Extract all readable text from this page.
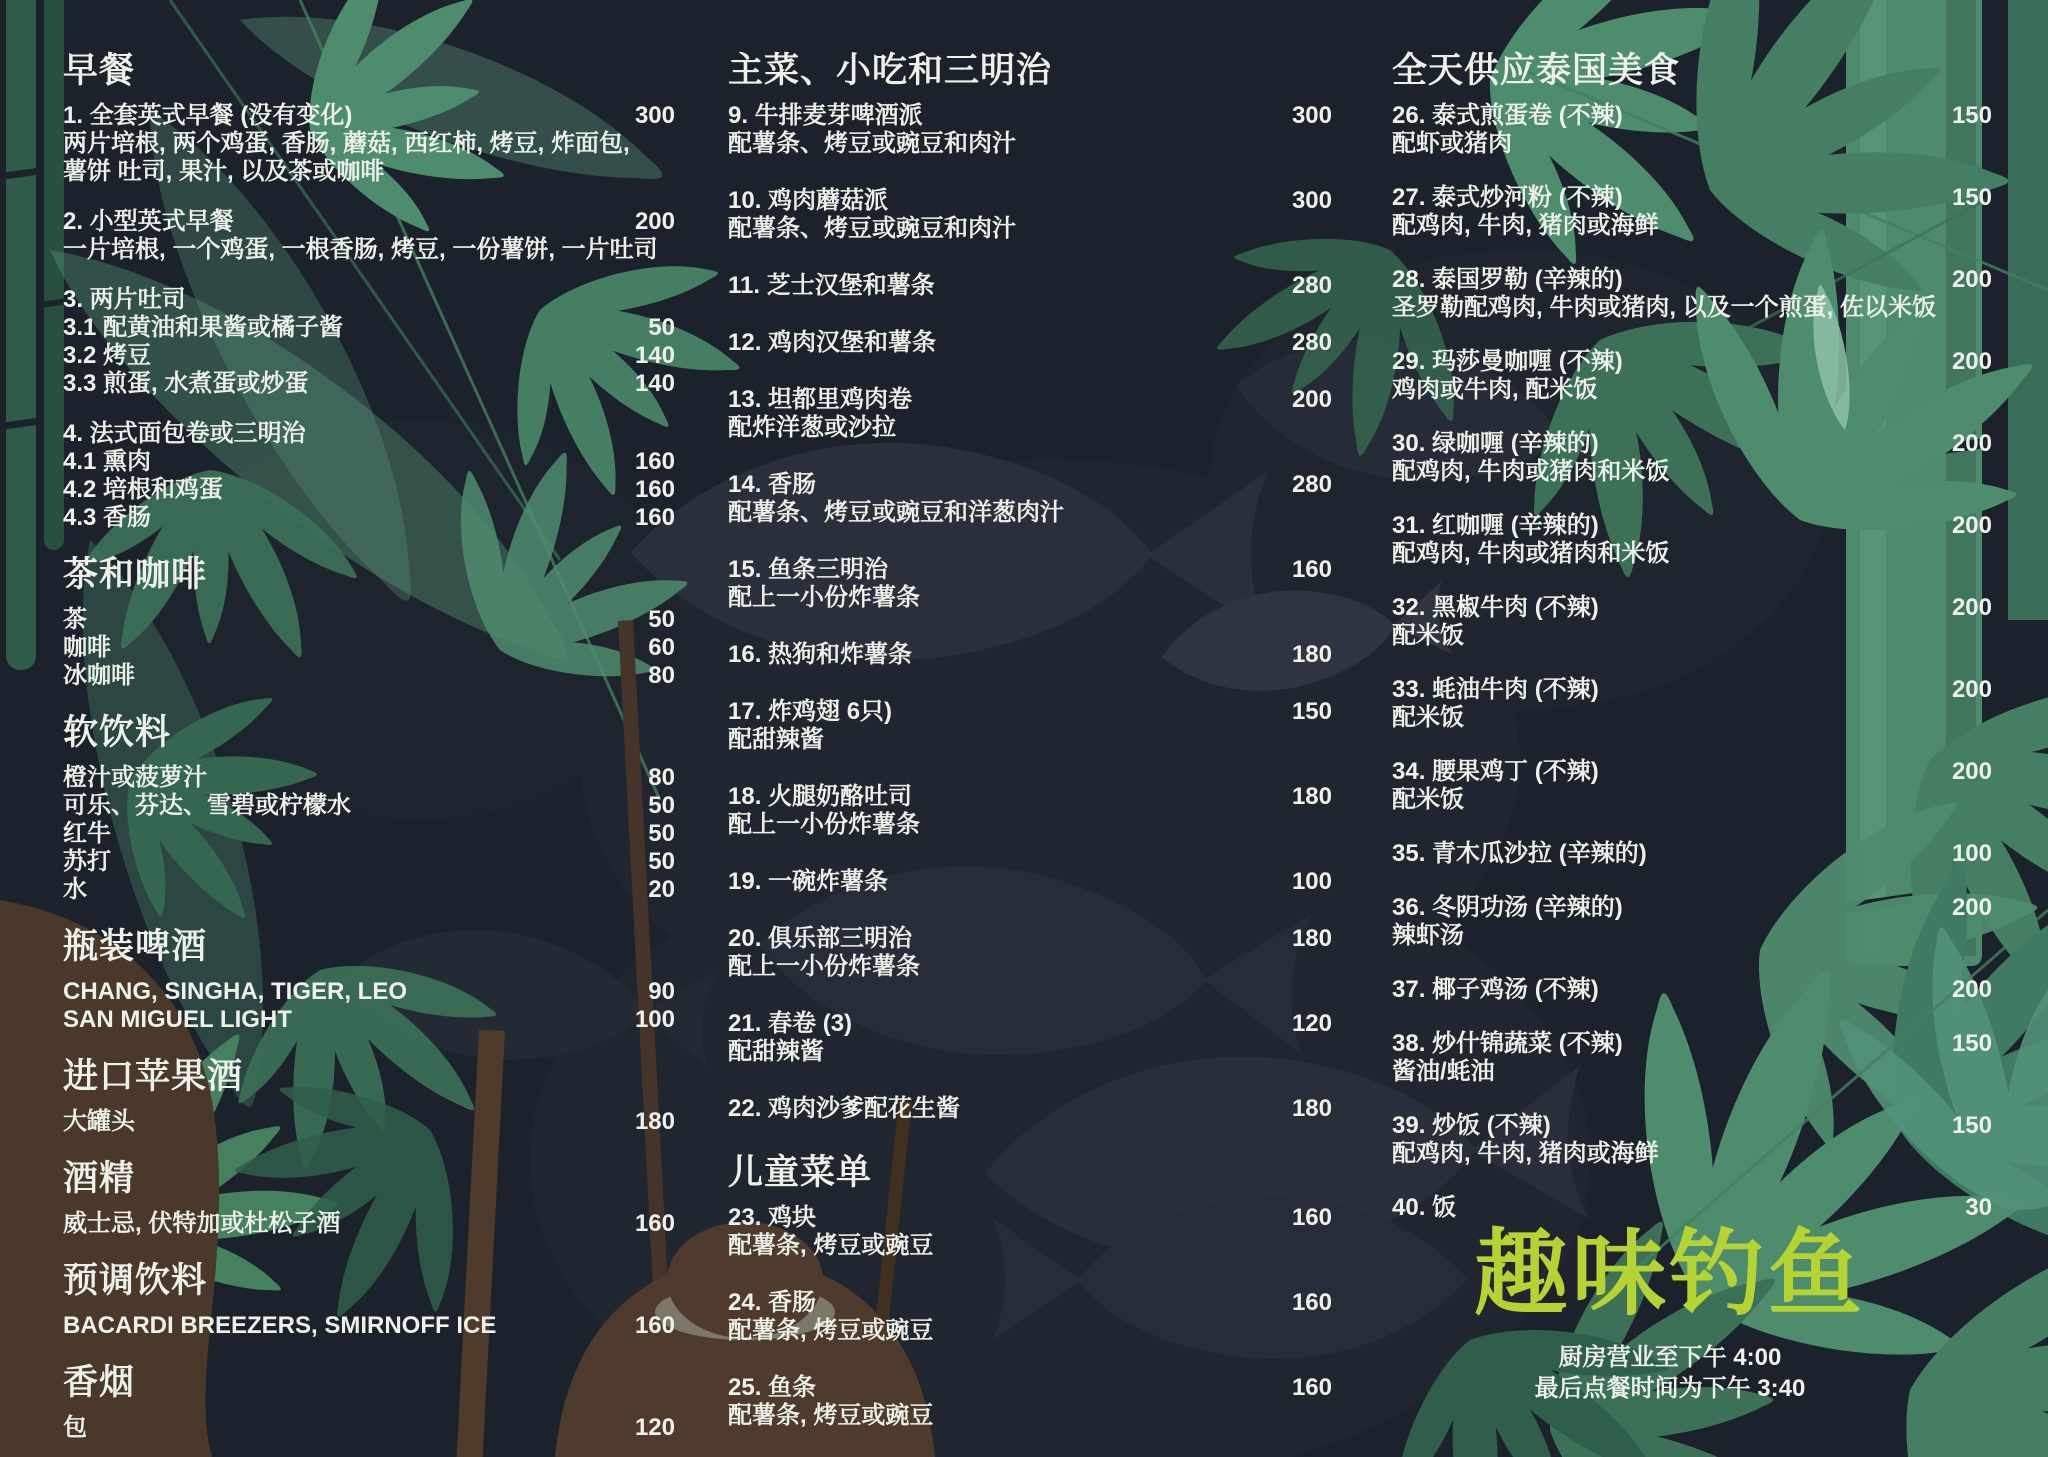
早餐
1. 全套英式早餐 (没有变化)	300
两片培根, 两个鸡蛋, 香肠, 蘑菇, 西红柿, 烤豆, 炸面包,
薯饼 吐司, 果汁, 以及茶或咖啡
2. 小型英式早餐	200
一片培根, 一个鸡蛋, 一根香肠, 烤豆, 一份薯饼, 一片吐司
3. 两片吐司
3.1 配黄油和果酱或橘子酱	50
3.2 烤豆	140
3.3 煎蛋, 水煮蛋或炒蛋	140
4. 法式面包卷或三明治
4.1 熏肉	160
4.2 培根和鸡蛋	160
4.3 香肠	160
茶和咖啡
茶	50
咖啡	60
冰咖啡	80
软饮料
橙汁或菠萝汁	80
可乐、芬达、雪碧或柠檬水	50
红牛	50
苏打	50
水	20
瓶装啤酒
CHANG, SINGHA, TIGER, LEO	90
SAN MIGUEL LIGHT	100
进口苹果酒
大罐头	180
酒精
威士忌, 伏特加或杜松子酒	160
预调饮料
BACARDI BREEZERS, SMIRNOFF ICE	160
香烟
包	120
主菜、小吃和三明治
9. 牛排麦芽啤酒派	300
配薯条、烤豆或豌豆和肉汁
10. 鸡肉蘑菇派	300
配薯条、烤豆或豌豆和肉汁
11. 芝士汉堡和薯条	280
12. 鸡肉汉堡和薯条	280
13. 坦都里鸡肉卷	200
配炸洋葱或沙拉
14. 香肠	280
配薯条、烤豆或豌豆和洋葱肉汁
15. 鱼条三明治	160
配上一小份炸薯条
16. 热狗和炸薯条	180
17. 炸鸡翅 6只)	150
配甜辣酱
18. 火腿奶酪吐司	180
配上一小份炸薯条
19. 一碗炸薯条	100
20. 俱乐部三明治	180
配上一小份炸薯条
21. 春卷 (3)	120
配甜辣酱
22. 鸡肉沙爹配花生酱	180
儿童菜单
23. 鸡块	160
配薯条, 烤豆或豌豆
24. 香肠	160
配薯条, 烤豆或豌豆
25. 鱼条	160
配薯条, 烤豆或豌豆
全天供应泰国美食
26. 泰式煎蛋卷 (不辣)	150
配虾或猪肉
27. 泰式炒河粉 (不辣)	150
配鸡肉, 牛肉, 猪肉或海鲜
28. 泰国罗勒 (辛辣的)	200
圣罗勒配鸡肉, 牛肉或猪肉, 以及一个煎蛋, 佐以米饭
29. 玛莎曼咖喱 (不辣)	200
鸡肉或牛肉, 配米饭
30. 绿咖喱 (辛辣的)	200
配鸡肉, 牛肉或猪肉和米饭
31. 红咖喱 (辛辣的)	200
配鸡肉, 牛肉或猪肉和米饭
32. 黑椒牛肉 (不辣)	200
配米饭
33. 蚝油牛肉 (不辣)	200
配米饭
34. 腰果鸡丁 (不辣)	200
配米饭
35. 青木瓜沙拉 (辛辣的)	100
36. 冬阴功汤 (辛辣的)	200
辣虾汤
37. 椰子鸡汤 (不辣)	200
38. 炒什锦蔬菜 (不辣)	150
酱油/蚝油
39. 炒饭 (不辣)	150
配鸡肉, 牛肉, 猪肉或海鲜
40. 饭	30
趣味钓鱼
厨房营业至下午 4:00
最后点餐时间为下午 3:40
